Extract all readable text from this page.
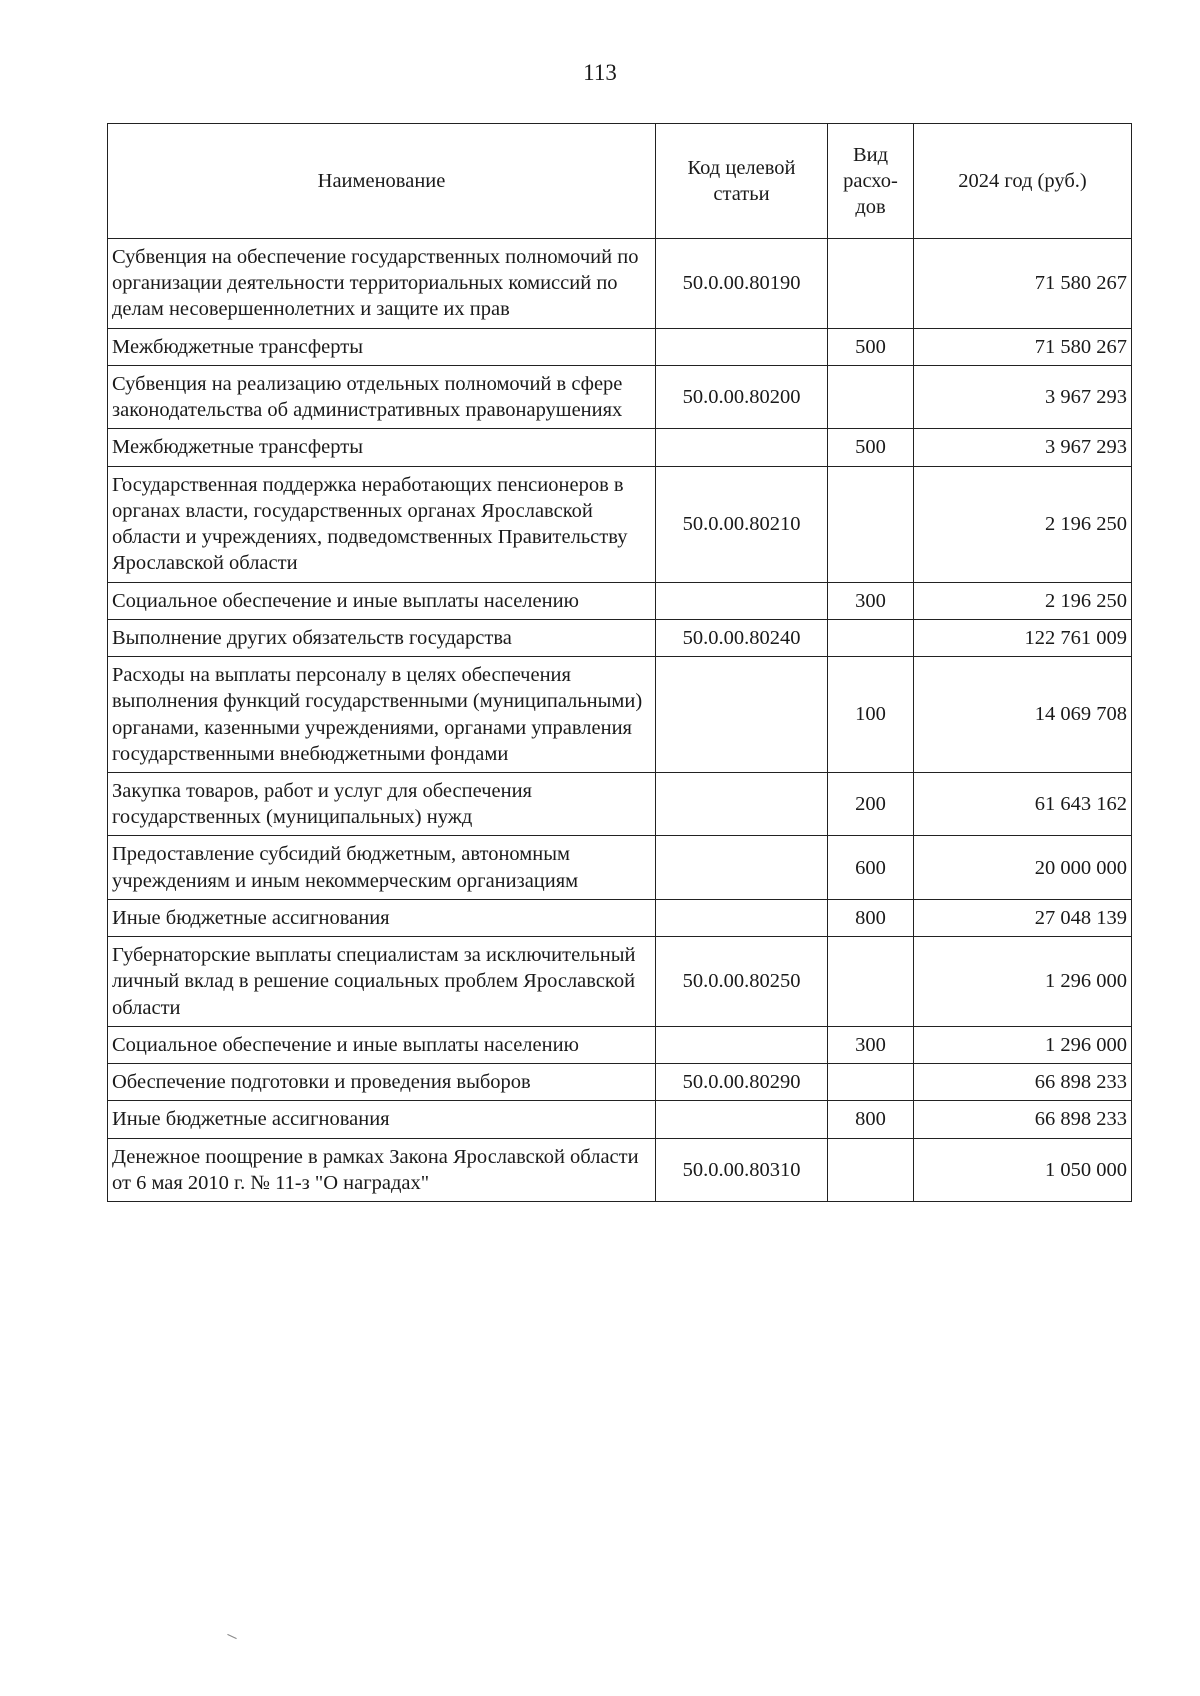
113
Наименование	Код целевой статьи	Вид расхо-дов	2024 год (руб.)
Субвенция на обеспечение государственных полномочий по организации деятельности территориальных комиссий по делам несовершеннолетних и защите их прав	50.0.00.80190		71 580 267
Межбюджетные трансферты		500	71 580 267
Субвенция на реализацию отдельных полномочий в сфере законодательства об административных правонарушениях	50.0.00.80200		3 967 293
Межбюджетные трансферты		500	3 967 293
Государственная поддержка неработающих пенсионеров в органах власти, государственных органах Ярославской области и учреждениях, подведомственных Правительству Ярославской области	50.0.00.80210		2 196 250
Социальное обеспечение и иные выплаты населению		300	2 196 250
Выполнение других обязательств государства	50.0.00.80240		122 761 009
Расходы на выплаты персоналу в целях обеспечения выполнения функций государственными (муниципальными) органами, казенными учреждениями, органами управления государственными внебюджетными фондами		100	14 069 708
Закупка товаров, работ и услуг для обеспечения государственных (муниципальных) нужд		200	61 643 162
Предоставление субсидий бюджетным, автономным учреждениям и иным некоммерческим организациям		600	20 000 000
Иные бюджетные ассигнования		800	27 048 139
Губернаторские выплаты специалистам за исключительный личный вклад в решение социальных проблем Ярославской области	50.0.00.80250		1 296 000
Социальное обеспечение и иные выплаты населению		300	1 296 000
Обеспечение подготовки и проведения выборов	50.0.00.80290		66 898 233
Иные бюджетные ассигнования		800	66 898 233
Денежное поощрение в рамках Закона Ярославской области от 6 мая 2010 г. № 11-з "О наградах"	50.0.00.80310		1 050 000
